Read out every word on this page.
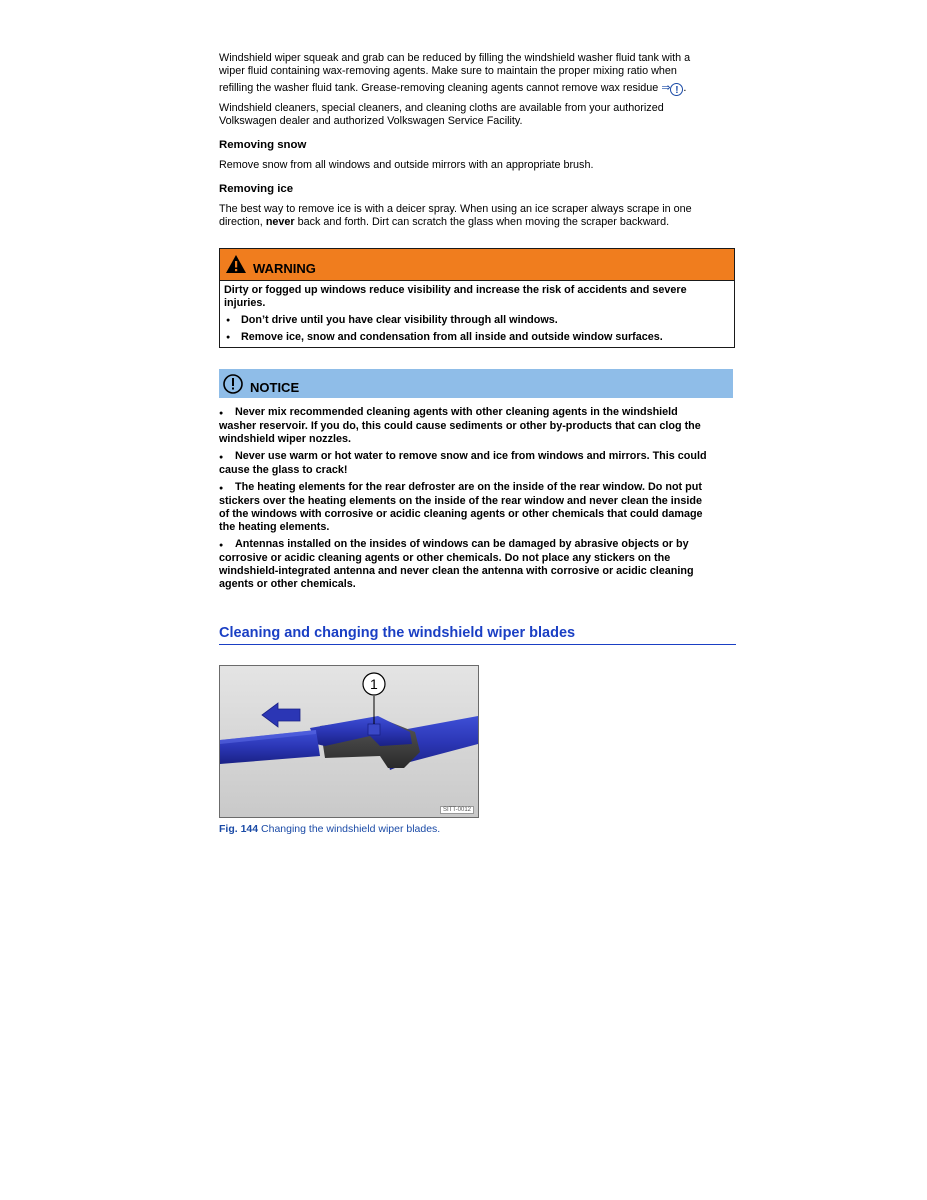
Windshield wiper squeak and grab can be reduced by filling the windshield washer fluid tank with a
wiper fluid containing wax-removing agents. Make sure to maintain the proper mixing ratio when

refilling the washer fluid tank. Grease-removing cleaning agents cannot remove wax residue ⇒ ! .

Windshield cleaners, special cleaners, and cleaning cloths are available from your authorized
Volkswagen dealer and authorized Volkswagen Service Facility.

Removing snow

Remove snow from all windows and outside mirrors with an appropriate brush.

Removing ice

The best way to remove ice is with a deicer spray. When using an ice scraper always scrape in one
direction, never back and forth. Dirt can scratch the glass when moving the scraper backward.

WARNING
Dirty or fogged up windows reduce visibility and increase the risk of accidents and severe
injuries.
● Don’t drive until you have clear visibility through all windows.
● Remove ice, snow and condensation from all inside and outside window surfaces.
NOTICE
● Never mix recommended cleaning agents with other cleaning agents in the windshield
washer reservoir. If you do, this could cause sediments or other by-products that can clog the
windshield wiper nozzles.
● Never use warm or hot water to remove snow and ice from windows and mirrors. This could
cause the glass to crack!
● The heating elements for the rear defroster are on the inside of the rear window. Do not put
stickers over the heating elements on the inside of the rear window and never clean the inside
of the windows with corrosive or acidic cleaning agents or other chemicals that could damage
the heating elements.
● Antennas installed on the insides of windows can be damaged by abrasive objects or by
corrosive or acidic cleaning agents or other chemicals. Do not place any stickers on the
windshield-integrated antenna and never clean the antenna with corrosive or acidic cleaning
agents or other chemicals.
Cleaning and changing the windshield wiper blades
1
SITT-0012
Fig. 144 Changing the windshield wiper blades.
